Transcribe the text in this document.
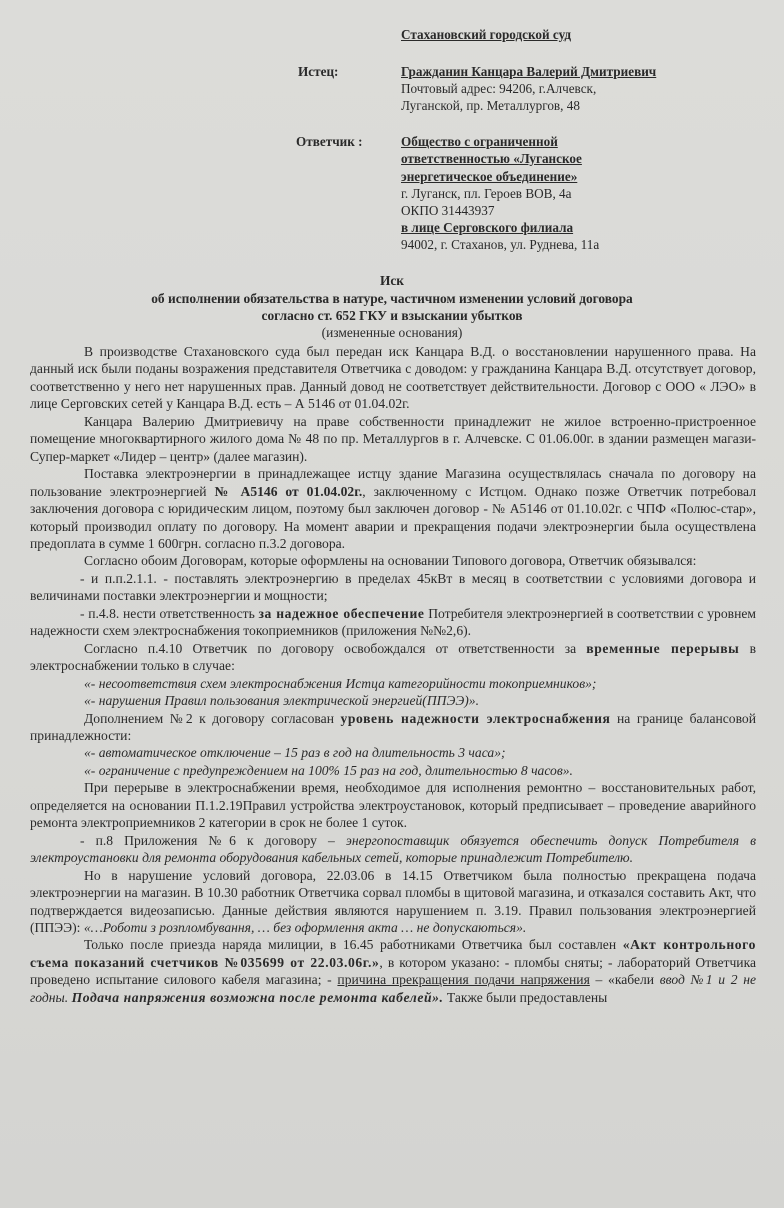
Стахановский городской суд
Истец:	Гражданин Канцара Валерий Дмитриевич
Почтовый адрес: 94206, г.Алчевск,
Луганской, пр. Металлургов, 48
Ответчик :	Общество с ограниченной
ответственностью «Луганское
энергетическое объединение»
г. Луганск, пл. Героев ВОВ, 4а
ОКПО 31443937
в лице Серговского филиала
94002, г. Стаханов, ул. Руднева, 11а
Иск
об исполнении обязательства в натуре, частичном изменении условий договора
согласно ст. 652 ГКУ и взыскании убытков
(измененные основания)

В производстве Стахановского суда был передан иск Канцара В.Д. о восстановлении нарушенного права. На данный иск были поданы возражения представителя Ответчика с доводом: у гражданина Канцара В.Д. отсутствует договор, соответственно у него нет нарушенных прав. Данный довод не соответствует действительности. Договор с ООО « ЛЭО» в лице Серговских сетей у Канцара В.Д. есть – А 5146 от 01.04.02г.

Канцара Валерию Дмитриевичу на праве собственности принадлежит не жилое встроенно-пристроенное помещение многоквартирного жилого дома № 48 по пр. Металлургов в г. Алчевске. С 01.06.00г. в здании размещен магази-Супер-маркет «Лидер – центр» (далее магазин).

Поставка электроэнергии в принадлежащее истцу здание Магазина осуществлялась сначала по договору на пользование электроэнергией № А5146 от 01.04.02г., заключенному с Истцом. Однако позже Ответчик потребовал заключения договора с юридическим лицом, поэтому был заключен договор - № А5146 от 01.10.02г. с ЧПФ «Полюс-стар», который производил оплату по договору. На момент аварии и прекращения подачи электроэнергии была осуществлена предоплата в сумме 1 600грн. согласно п.3.2 договора.

Согласно обоим Договорам, которые оформлены на основании Типового договора, Ответчик обязывался:

- и п.п.2.1.1. - поставлять электроэнергию в пределах 45кВт в месяц в соответствии с условиями договора и величинами поставки электроэнергии и мощности;

- п.4.8. нести ответственность за надежное обеспечение Потребителя электроэнергией в соответствии с уровнем надежности схем электроснабжения токоприемников (приложения №№2,6).

Согласно п.4.10 Ответчик по договору освобождался от ответственности за временные перерывы в электроснабжении только в случае:

«- несоответствия схем электроснабжения Истца категорийности токоприемников»;

«- нарушения Правил пользования электрической энергией(ППЭЭ)».

Дополнением №2 к договору согласован уровень надежности электроснабжения на границе балансовой принадлежности:

«- автоматическое отключение – 15 раз в год на длительность 3 часа»;

«- ограничение с предупреждением на 100% 15 раз на год, длительностью 8 часов».

При перерыве в электроснабжении время, необходимое для исполнения ремонтно – восстановительных работ, определяется на основании П.1.2.19Правил устройства электроустановок, который предписывает – проведение аварийного ремонта электроприемников 2 категории в срок не более 1 суток.

- п.8 Приложения №6 к договору – энергопоставщик обязуется обеспечить допуск Потребителя в электроустановки для ремонта оборудования кабельных сетей, которые принадлежит Потребителю.

Но в нарушение условий договора, 22.03.06 в 14.15 Ответчиком была полностью прекращена подача электроэнергии на магазин. В 10.30 работник Ответчика сорвал пломбы в щитовой магазина, и отказался составить Акт, что подтверждается видеозаписью. Данные действия являются нарушением п. 3.19. Правил пользования электроэнергией (ППЭЭ): «…Роботи з розпломбування, … без оформлення акта … не допускаються».

Только после приезда наряда милиции, в 16.45 работниками Ответчика был составлен «Акт контрольного съема показаний счетчиков №035699 от 22.03.06г.», в котором указано: - пломбы сняты; - лабораторий Ответчика проведено испытание силового кабеля магазина; - причина прекращения подачи напряжения – «кабели ввод №1 и 2 не годны. Подача напряжения возможна после ремонта кабелей». Также были предоставлены
